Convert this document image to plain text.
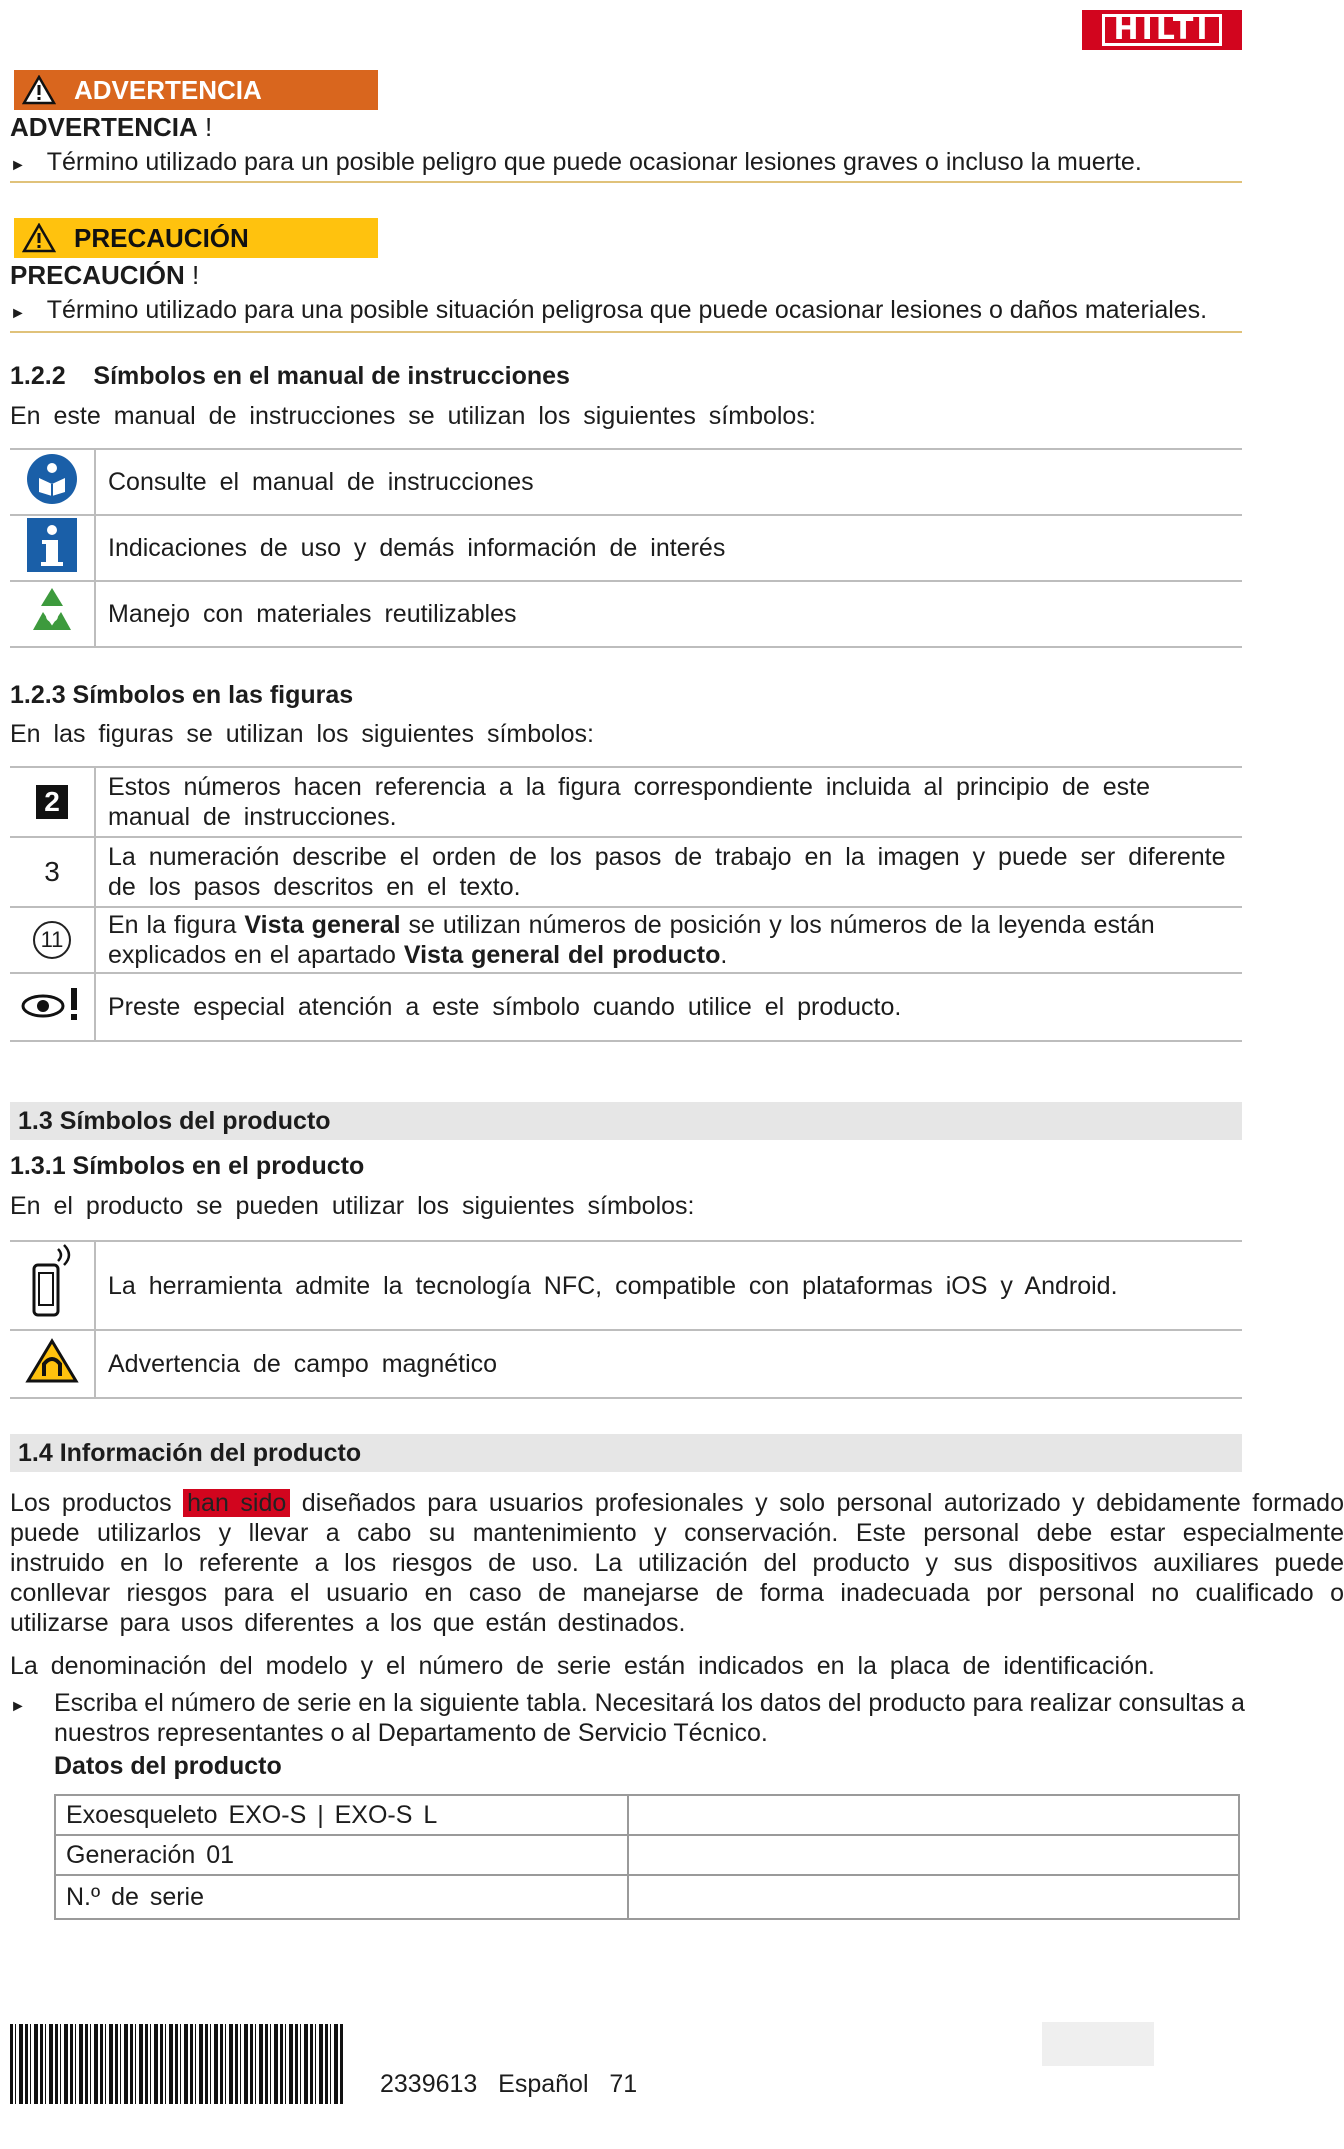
HILTI
ADVERTENCIA
ADVERTENCIA !
► Término utilizado para un posible peligro que puede ocasionar lesiones graves o incluso la muerte.
PRECAUCIÓN
PRECAUCIÓN !
► Término utilizado para una posible situación peligrosa que puede ocasionar lesiones o daños materiales.
1.2.2 Símbolos en el manual de instrucciones
En este manual de instrucciones se utilizan los siguientes símbolos:
	Consulte el manual de instrucciones
	Indicaciones de uso y demás información de interés
	Manejo con materiales reutilizables
1.2.3 Símbolos en las figuras
En las figuras se utilizan los siguientes símbolos:
2	Estos números hacen referencia a la figura correspondiente incluida al principio de este manual de instrucciones.
3	La numeración describe el orden de los pasos de trabajo en la imagen y puede ser diferente de los pasos descritos en el texto.
11	En la figura Vista general se utilizan números de posición y los números de la leyenda están explicados en el apartado Vista general del producto.
	Preste especial atención a este símbolo cuando utilice el producto.
1.3 Símbolos del producto
1.3.1 Símbolos en el producto
En el producto se pueden utilizar los siguientes símbolos:
	La herramienta admite la tecnología NFC, compatible con plataformas iOS y Android.
	Advertencia de campo magnético
1.4 Información del producto
Los productos han sido diseñados para usuarios profesionales y solo personal autorizado y debidamente formado puede utilizarlos y llevar a cabo su mantenimiento y conservación. Este personal debe estar especialmente instruido en lo referente a los riesgos de uso. La utilización del producto y sus dispositivos auxiliares puede conllevar riesgos para el usuario en caso de manejarse de forma inadecuada por personal no cualificado o utilizarse para usos diferentes a los que están destinados.
La denominación del modelo y el número de serie están indicados en la placa de identificación.
►	Escriba el número de serie en la siguiente tabla. Necesitará los datos del producto para realizar consultas a nuestros representantes o al Departamento de Servicio Técnico.
Datos del producto
Exoesqueleto EXO-S | EXO-S L	
Generación 01	
N.º de serie	
2339613   Español   71
